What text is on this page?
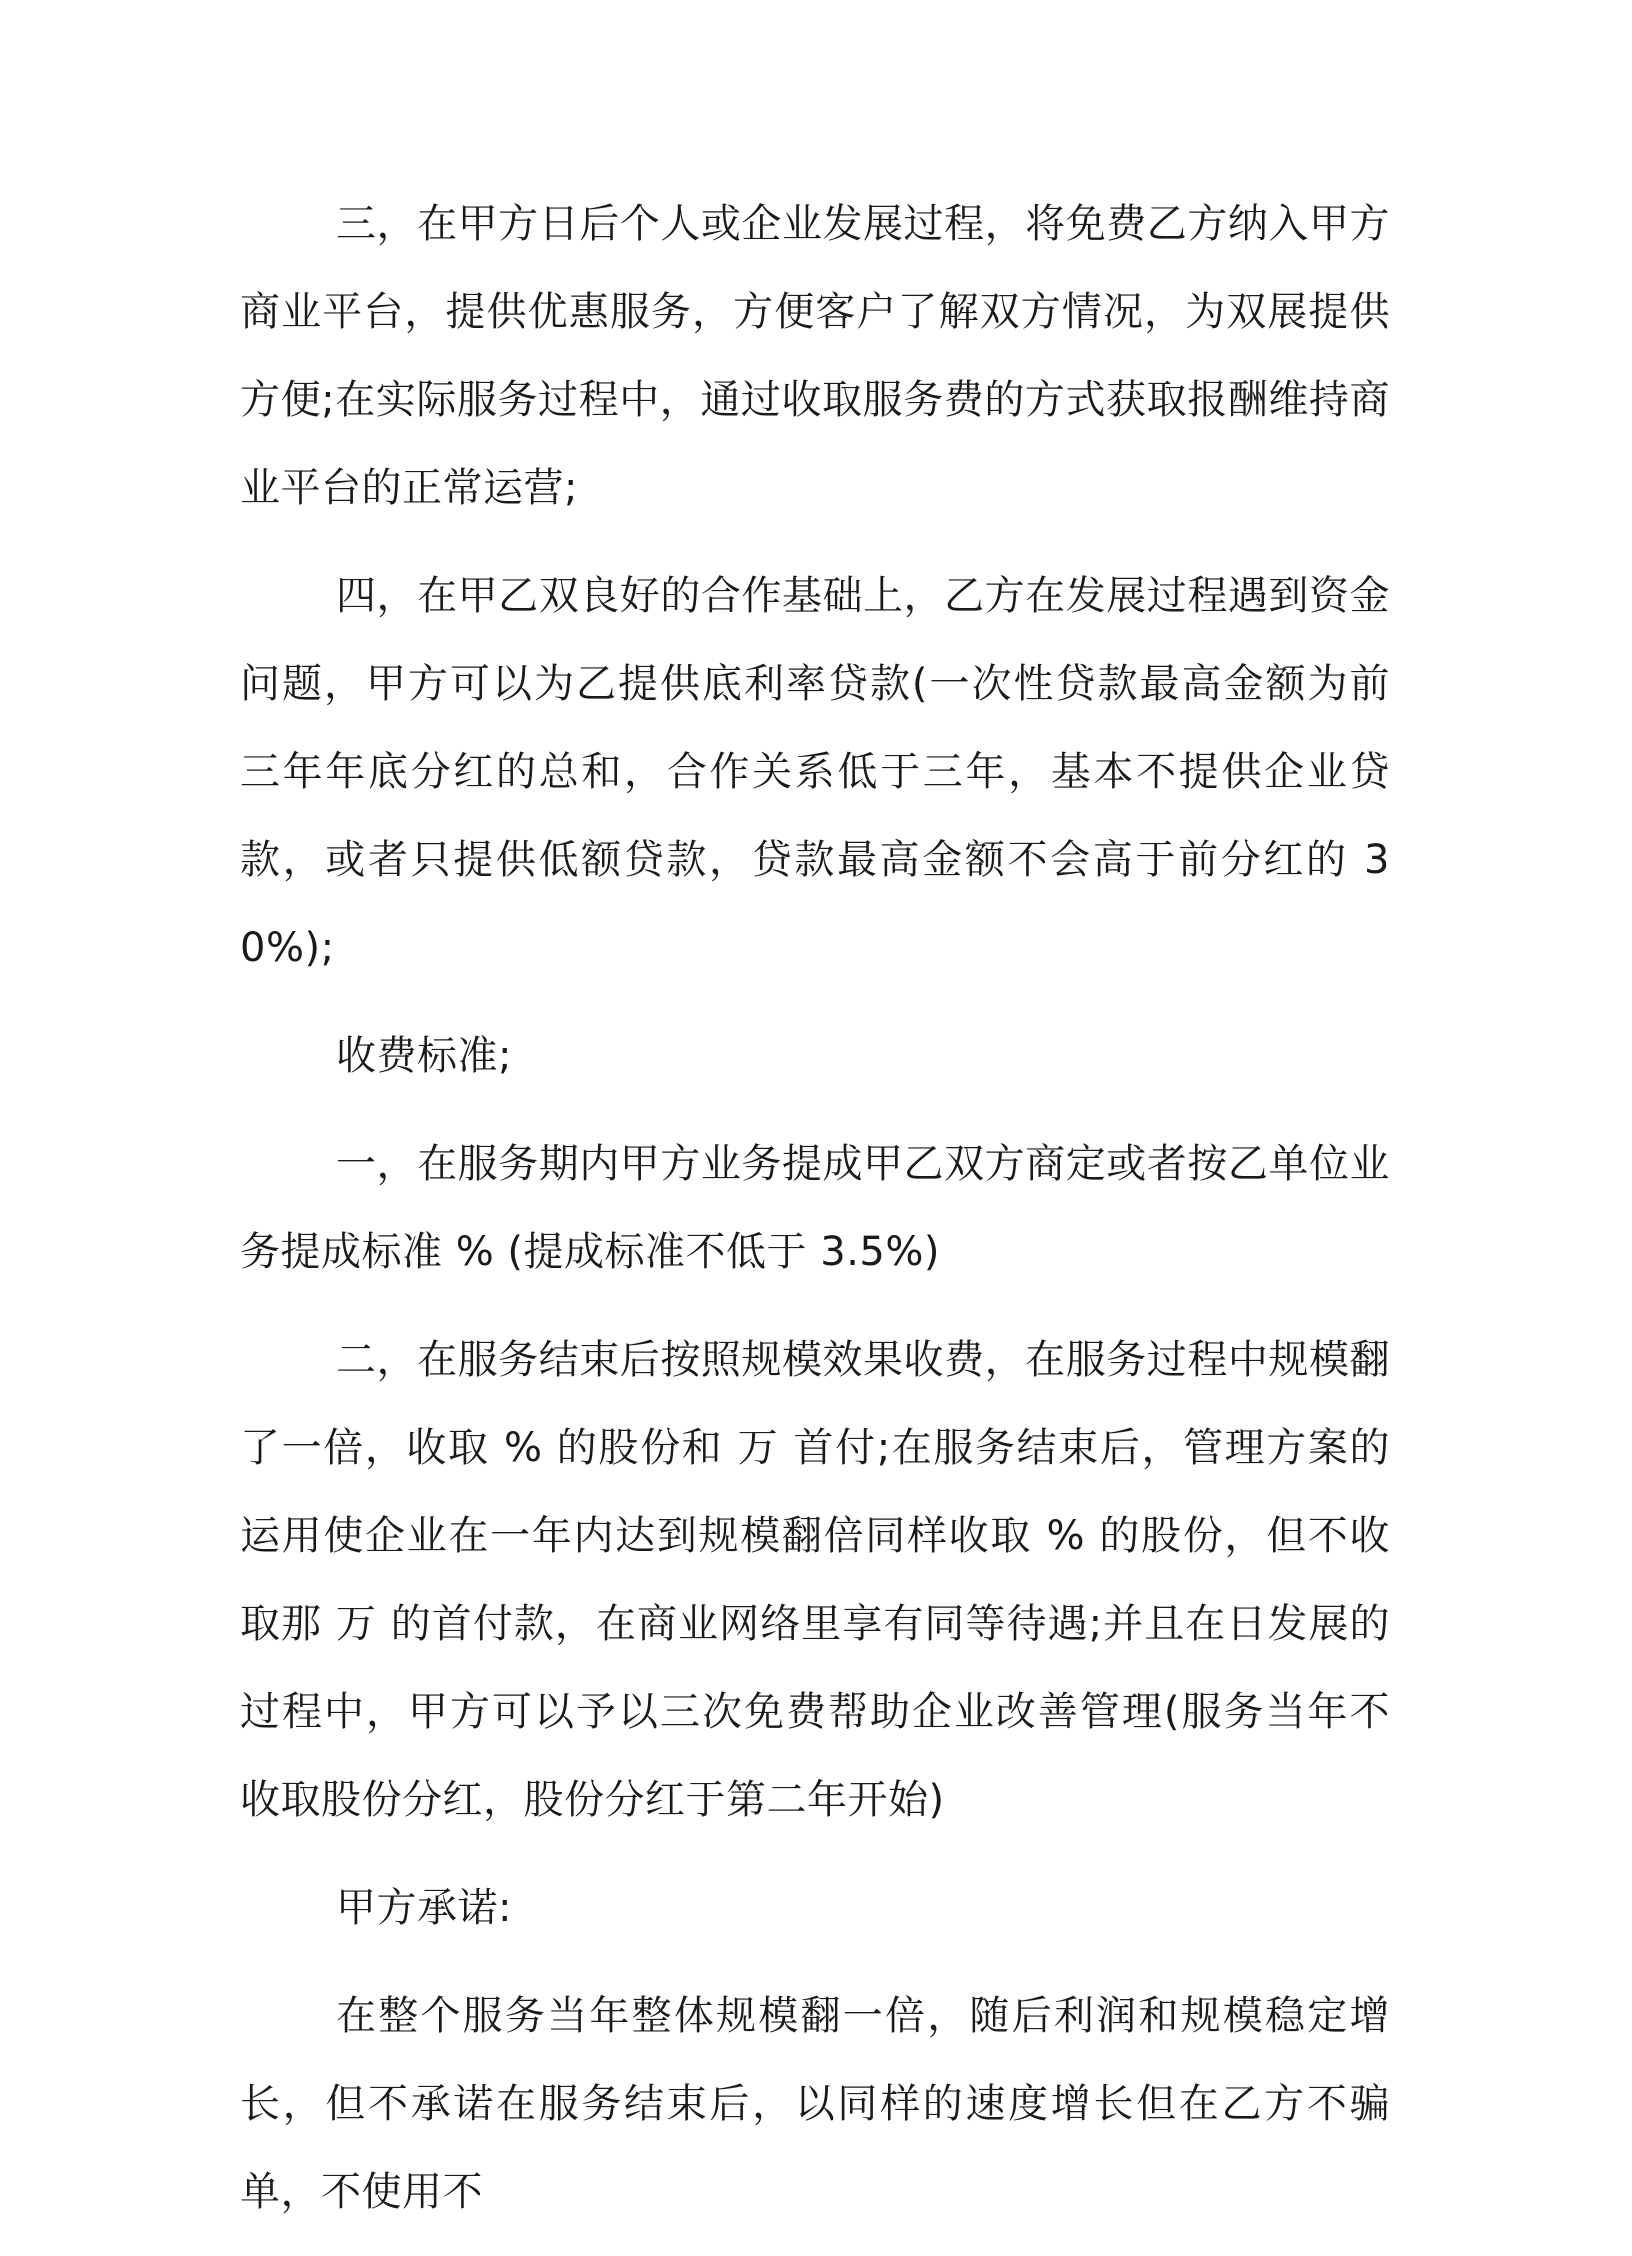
三，在甲方日后个人或企业发展过程，将免费乙方纳入甲方商业平台，提供优惠服务，方便客户了解双方情况，为双展提供方便;在实际服务过程中，通过收取服务费的方式获取报酬维持商业平台的正常运营;

四，在甲乙双良好的合作基础上，乙方在发展过程遇到资金问题，甲方可以为乙提供底利率贷款(一次性贷款最高金额为前三年年底分红的总和，合作关系低于三年，基本不提供企业贷款，或者只提供低额贷款，贷款最高金额不会高于前分红的 30%);

收费标准;

一，在服务期内甲方业务提成甲乙双方商定或者按乙单位业务提成标准 % (提成标准不低于 3.5%)

二，在服务结束后按照规模效果收费，在服务过程中规模翻了一倍，收取 % 的股份和 万 首付;在服务结束后，管理方案的运用使企业在一年内达到规模翻倍同样收取 % 的股份，但不收取那 万 的首付款，在商业网络里享有同等待遇;并且在日发展的过程中，甲方可以予以三次免费帮助企业改善管理(服务当年不收取股份分红，股份分红于第二年开始)

甲方承诺:

在整个服务当年整体规模翻一倍，随后利润和规模稳定增长，但不承诺在服务结束后，以同样的速度增长但在乙方不骗单，不使用不
